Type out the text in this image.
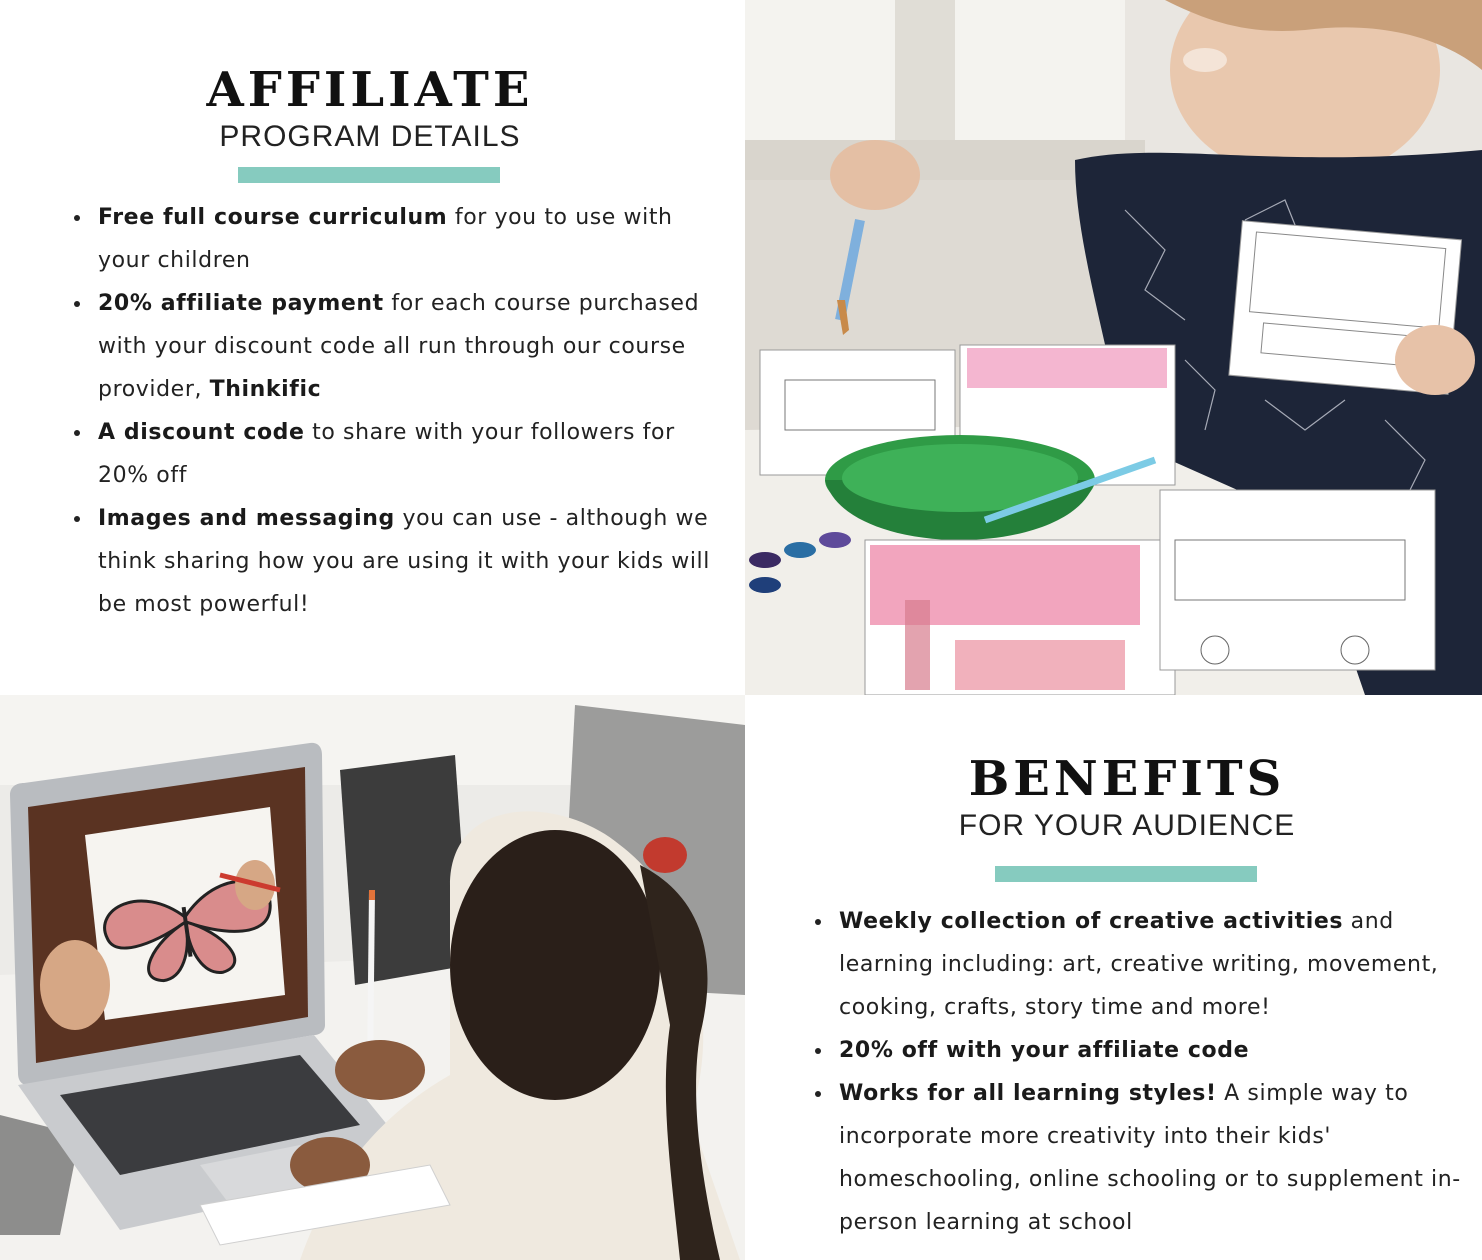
AFFILIATE
PROGRAM DETAILS
Free full course curriculum for you to use with your children
20% affiliate payment for each course purchased with your discount code all run through our course provider, Thinkific
A discount code to share with your followers for 20% off
Images and messaging you can use - although we think sharing how you are using it with your kids will be most powerful!
BENEFITS
FOR YOUR AUDIENCE
Weekly collection of creative activities and learning including: art, creative writing, movement, cooking, crafts, story time and more!
20% off with your affiliate code
Works for all learning styles! A simple way to incorporate more creativity into their kids' homeschooling, online schooling or to supplement in-person learning at school
